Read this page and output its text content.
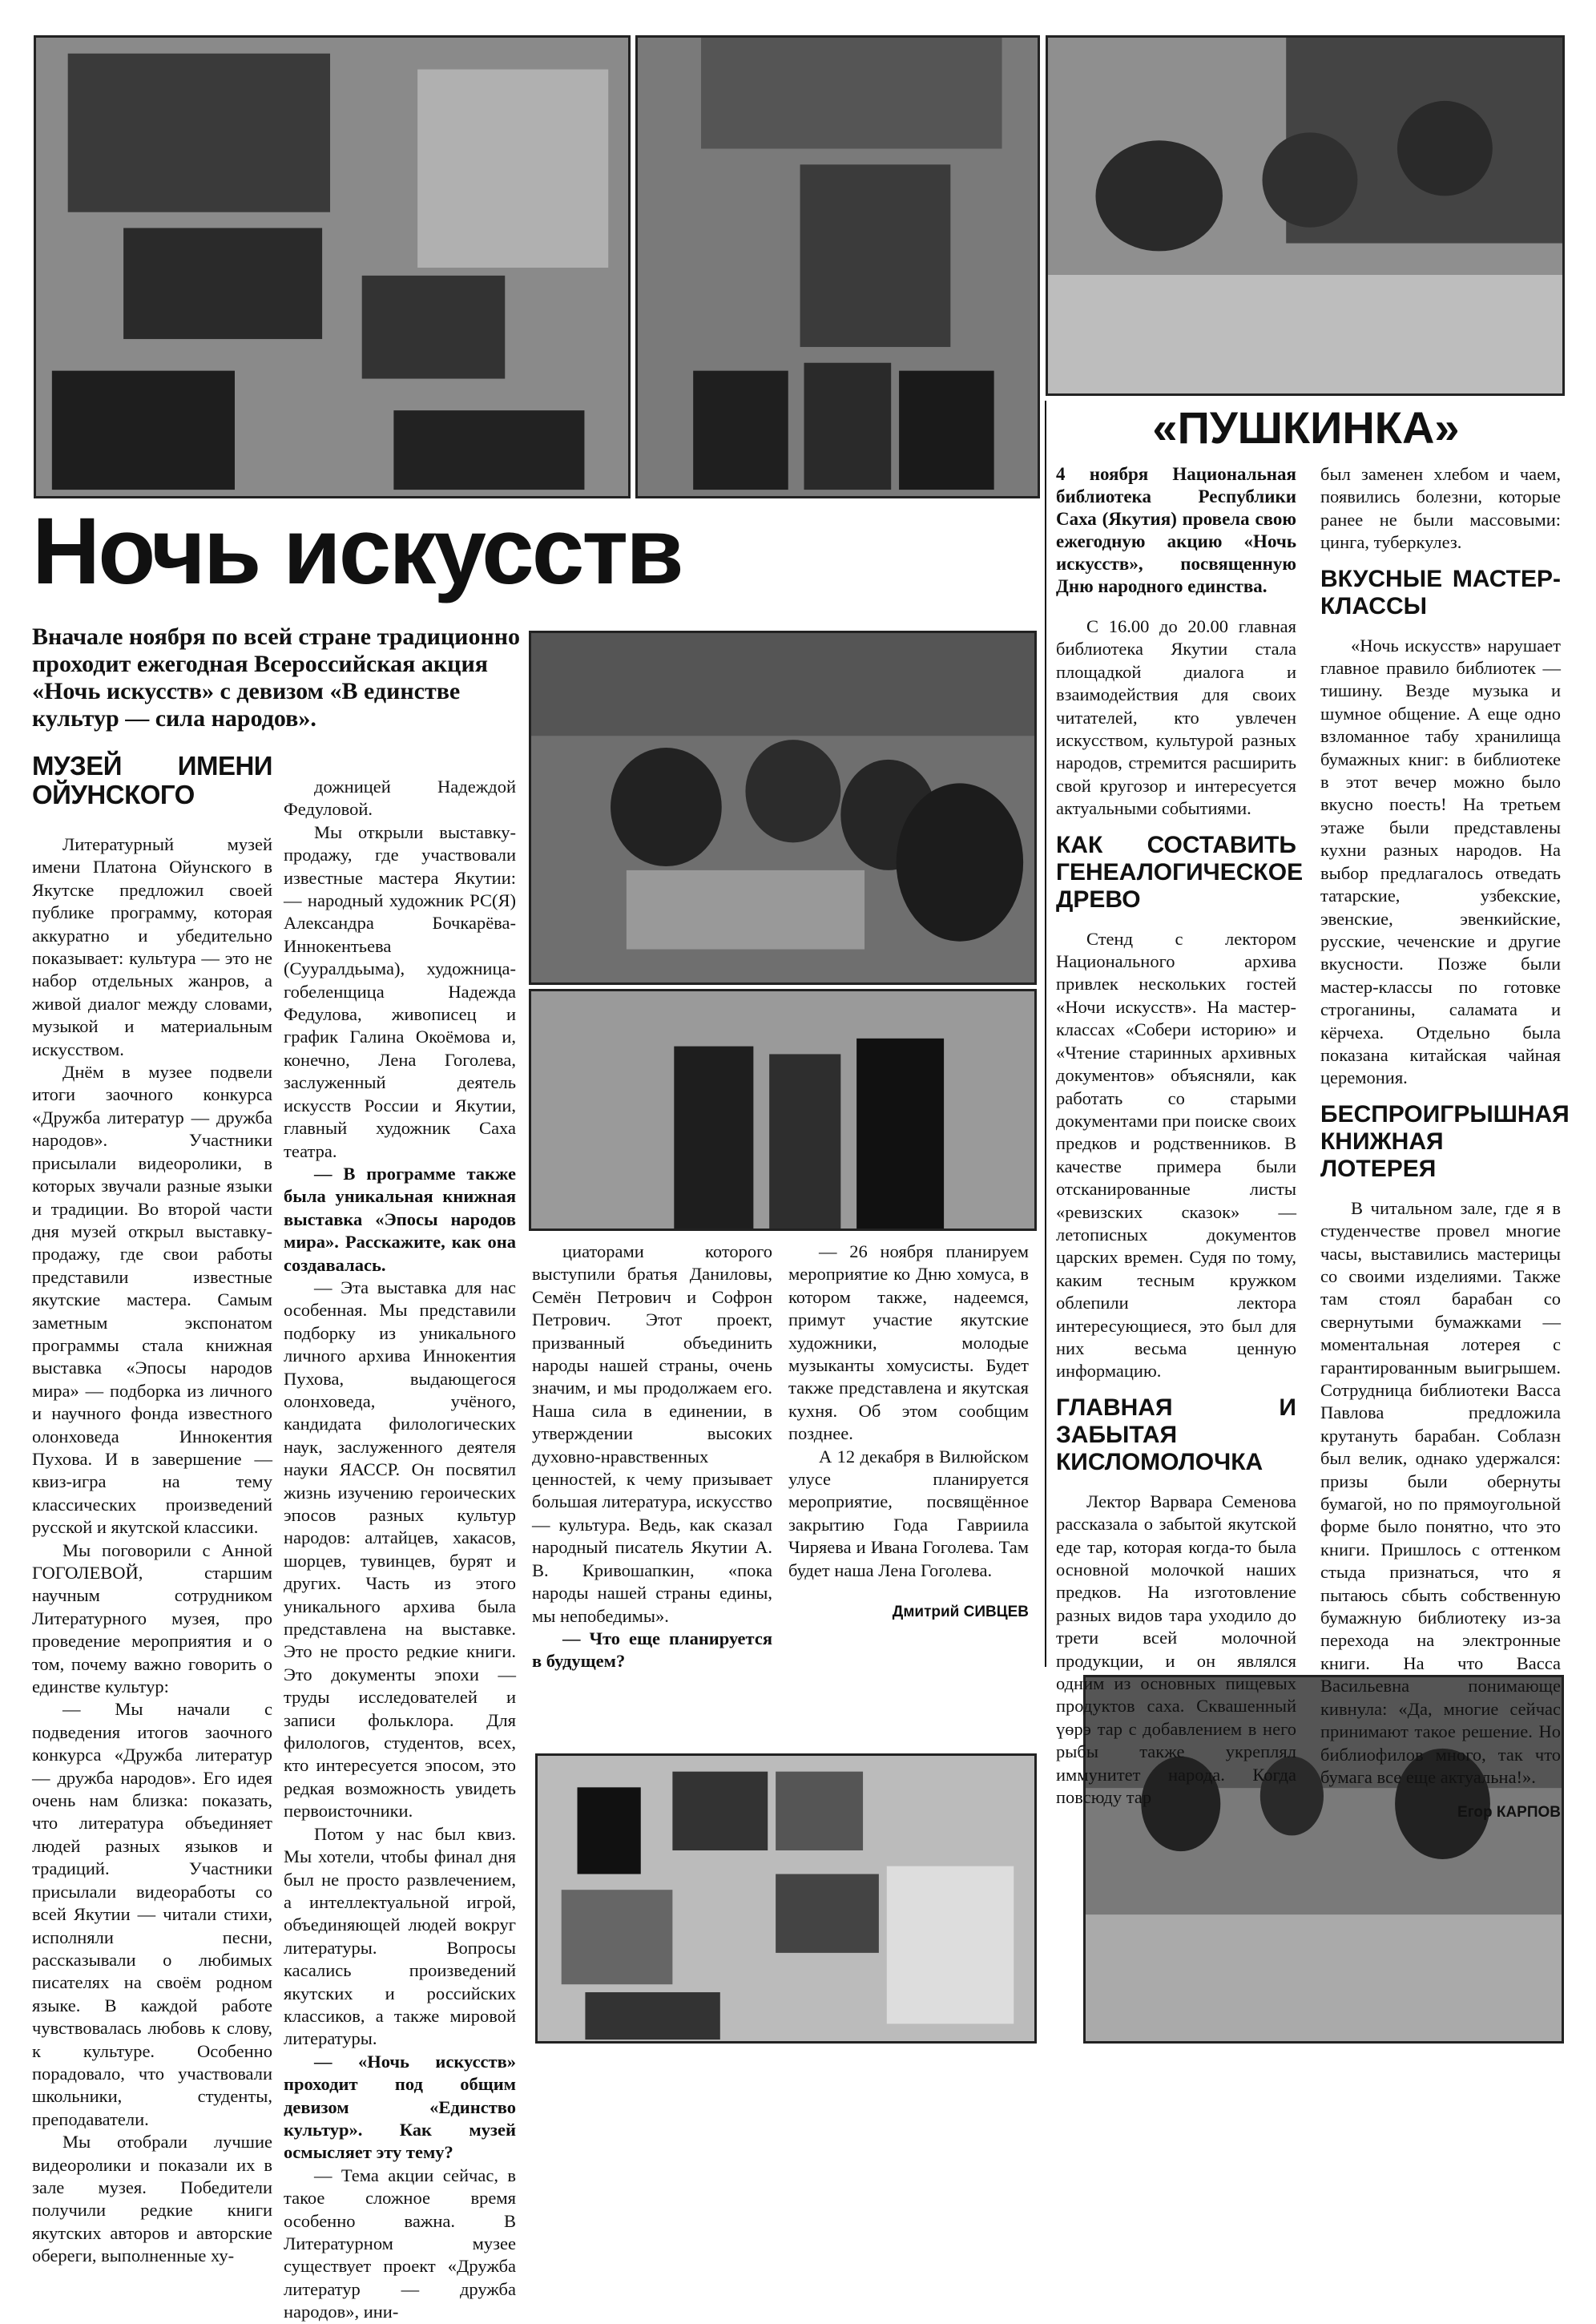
Ночь искусств
Вначале ноября по всей стране традиционно проходит ежегодная Всероссийская акция «Ночь искусств» с девизом «В единстве культур — сила народов».
МУЗЕЙ ИМЕНИ ОЙУНСКОГО

Литературный музей имени Платона Ойунского в Якутске предложил своей публике программу, которая аккуратно и убедительно показывает: культура — это не набор отдельных жанров, а живой диалог между словами, музыкой и материальным искусством.

Днём в музее подвели итоги заочного конкурса «Дружба литератур — дружба народов». Участники присылали видеоролики, в которых звучали разные языки и традиции. Во второй части дня музей открыл выставку-продажу, где свои работы представили известные якутские мастера. Самым заметным экспонатом программы стала книжная выставка «Эпосы народов мира» — подборка из личного и научного фонда известного олонховеда Иннокентия Пухова. И в завершение — квиз-игра на тему классических произведений русской и якутской классики.

Мы поговорили с Анной ГОГОЛЕВОЙ, старшим научным сотрудником Литературного музея, про проведение мероприятия и о том, почему важно говорить о единстве культур:

— Мы начали с подведения итогов заочного конкурса «Дружба литератур — дружба народов». Его идея очень нам близка: показать, что литература объединяет людей разных языков и традиций. Участники присылали видеоработы со всей Якутии — читали стихи, исполняли песни, рассказывали о любимых писателях на своём родном языке. В каждой работе чувствовалась любовь к слову, к культуре. Особенно порадовало, что участвовали школьники, студенты, преподаватели.

Мы отобрали лучшие видеоролики и показали их в зале музея. Победители получили редкие книги якутских авторов и авторские обереги, выполненные ху-

дожницей Надеждой Федуловой.

Мы открыли выставку-продажу, где участвовали известные мастера Якутии: — народный художник РС(Я) Александра Бочкарёва-Иннокентьева (Сууралдьыма), художница-гобеленщица Надежда Федулова, живописец и график Галина Окоёмова и, конечно, Лена Гоголева, заслуженный деятель искусств России и Якутии, главный художник Саха театра.

— В программе также была уникальная книжная выставка «Эпосы народов мира». Расскажите, как она создавалась.

— Эта выставка для нас особенная. Мы представили подборку из уникального личного архива Иннокентия Пухова, выдающегося олонховеда, учёного, кандидата филологических наук, заслуженного деятеля науки ЯАССР. Он посвятил жизнь изучению героических эпосов разных культур народов: алтайцев, хакасов, шорцев, тувинцев, бурят и других. Часть из этого уникального архива была представлена на выставке. Это не просто редкие книги. Это документы эпохи — труды исследователей и записи фольклора. Для филологов, студентов, всех, кто интересуется эпосом, это редкая возможность увидеть первоисточники.

Потом у нас был квиз. Мы хотели, чтобы финал дня был не просто развлечением, а интеллектуальной игрой, объединяющей людей вокруг литературы. Вопросы касались произведений якутских и российских классиков, а также мировой литературы.

— «Ночь искусств» проходит под общим девизом «Единство культур». Как музей осмысляет эту тему?

— Тема акции сейчас, в такое сложное время особенно важна. В Литературном музее существует проект «Дружба литератур — дружба народов», ини-

циаторами которого выступили братья Даниловы, Семён Петрович и Софрон Петрович. Этот проект, призванный объединить народы нашей страны, очень значим, и мы продолжаем его. Наша сила в единении, в утверждении высоких духовно-нравственных ценностей, к чему призывает большая литература, искусство — культура. Ведь, как сказал народный писатель Якутии А. В. Кривошапкин, «пока народы нашей страны едины, мы непобедимы».

— Что еще планируется в будущем?

— 26 ноября планируем мероприятие ко Дню хомуса, в котором также, надеемся, примут участие якутские художники, молодые музыканты хомусисты. Будет также представлена и якутская кухня. Об этом сообщим позднее.

А 12 декабря в Вилюйском улусе планируется мероприятие, посвящённое закрытию Года Гавриила Чиряева и Ивана Гоголева. Там будет наша Лена Гоголева.

Дмитрий СИВЦЕВ
«ПУШКИНКА»

4 ноября Национальная библиотека Республики Саха (Якутия) провела свою ежегодную акцию «Ночь искусств», посвященную Дню народного единства.

С 16.00 до 20.00 главная библиотека Якутии стала площадкой диалога и взаимодействия для своих читателей, кто увлечен искусством, культурой разных народов, стремится расширить свой кругозор и интересуется актуальными событиями.

КАК СОСТАВИТЬ ГЕНЕАЛОГИЧЕСКОЕ ДРЕВО

Стенд с лектором Национального архива привлек нескольких гостей «Ночи искусств». На мастер-классах «Собери историю» и «Чтение старинных архивных документов» объясняли, как работать со старыми документами при поиске своих предков и родственников. В качестве примера были отсканированные листы «ревизских сказок» — летописных документов царских времен. Судя по тому, каким тесным кружком облепили лектора интересующиеся, это был для них весьма ценную информацию.

ГЛАВНАЯ И ЗАБЫТАЯ КИСЛОМОЛОЧКА

Лектор Варвара Семенова рассказала о забытой якутской еде тар, которая когда-то была основной молочкой наших предков. На изготовление разных видов тара уходило до трети всей молочной продукции, и он являлся одним из основных пищевых продуктов саха. Сквашенный үөрэ тар с добавлением в него рыбы также укреплял иммунитет народа. Когда повсюду тар

был заменен хлебом и чаем, появились болезни, которые ранее не были массовыми: цинга, туберкулез.

ВКУСНЫЕ МАСТЕР-КЛАССЫ

«Ночь искусств» нарушает главное правило библиотек — тишину. Везде музыка и шумное общение. А еще одно взломанное табу хранилища бумажных книг: в библиотеке в этот вечер можно было вкусно поесть! На третьем этаже были представлены кухни разных народов. На выбор предлагалось отведать татарские, узбекские, эвенские, эвенкийские, русские, чеченские и другие вкусности. Позже были мастер-классы по готовке строганины, саламата и кёрчеха. Отдельно была показана китайская чайная церемония.

БЕСПРОИГРЫШНАЯ КНИЖНАЯ ЛОТЕРЕЯ

В читальном зале, где я в студенчестве провел многие часы, выставились мастерицы со своими изделиями. Также там стоял барабан со свернутыми бумажками — моментальная лотерея с гарантированным выигрышем. Сотрудница библиотеки Васса Павлова предложила крутануть барабан. Соблазн был велик, однако удержался: призы были обернуты бумагой, но по прямоугольной форме было понятно, что это книги. Пришлось с оттенком стыда признаться, что я пытаюсь сбыть собственную бумажную библиотеку из-за перехода на электронные книги. На что Васса Васильевна понимающе кивнула: «Да, многие сейчас принимают такое решение. Но библиофилов много, так что бумага все еще актуальна!».

Егор КАРПОВ
